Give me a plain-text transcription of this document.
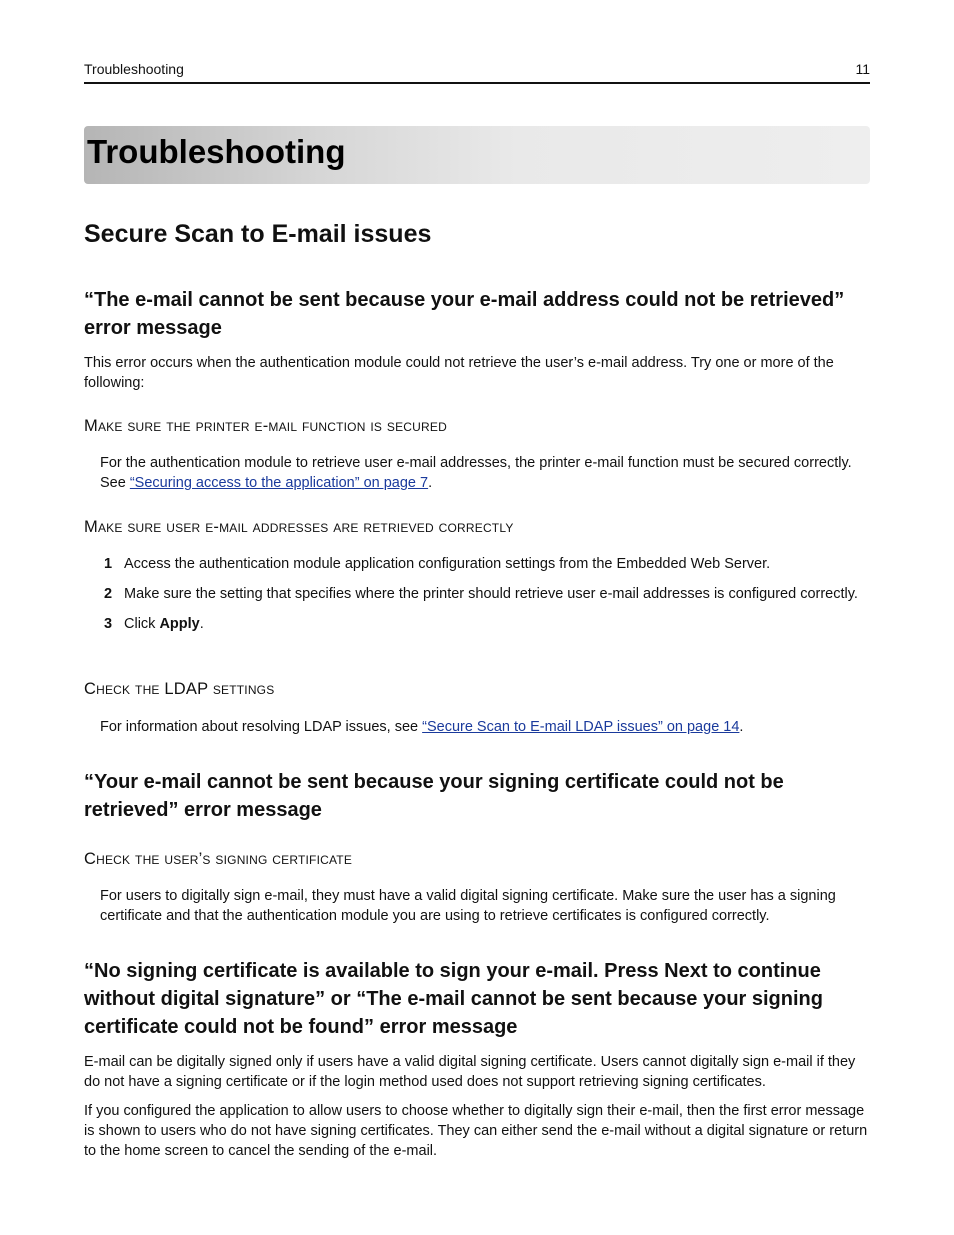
Troubleshooting	11
Troubleshooting
Secure Scan to E-mail issues
“The e-mail cannot be sent because your e-mail address could not be retrieved” error message

This error occurs when the authentication module could not retrieve the user’s e-mail address. Try one or more of the following:

Make sure the printer e-mail function is secured

For the authentication module to retrieve user e-mail addresses, the printer e-mail function must be secured correctly. See “Securing access to the application” on page 7.

Make sure user e-mail addresses are retrieved correctly

1 Access the authentication module application configuration settings from the Embedded Web Server.
2 Make sure the setting that specifies where the printer should retrieve user e-mail addresses is configured correctly.
3 Click Apply.

Check the LDAP settings

For information about resolving LDAP issues, see “Secure Scan to E-mail LDAP issues” on page 14.

“Your e-mail cannot be sent because your signing certificate could not be retrieved” error message

Check the user’s signing certificate

For users to digitally sign e-mail, they must have a valid digital signing certificate. Make sure the user has a signing certificate and that the authentication module you are using to retrieve certificates is configured correctly.

“No signing certificate is available to sign your e-mail. Press Next to continue without digital signature” or “The e-mail cannot be sent because your signing certificate could not be found” error message

E-mail can be digitally signed only if users have a valid digital signing certificate. Users cannot digitally sign e-mail if they do not have a signing certificate or if the login method used does not support retrieving signing certificates.

If you configured the application to allow users to choose whether to digitally sign their e-mail, then the first error message is shown to users who do not have signing certificates. They can either send the e-mail without a digital signature or return to the home screen to cancel the sending of the e-mail.
